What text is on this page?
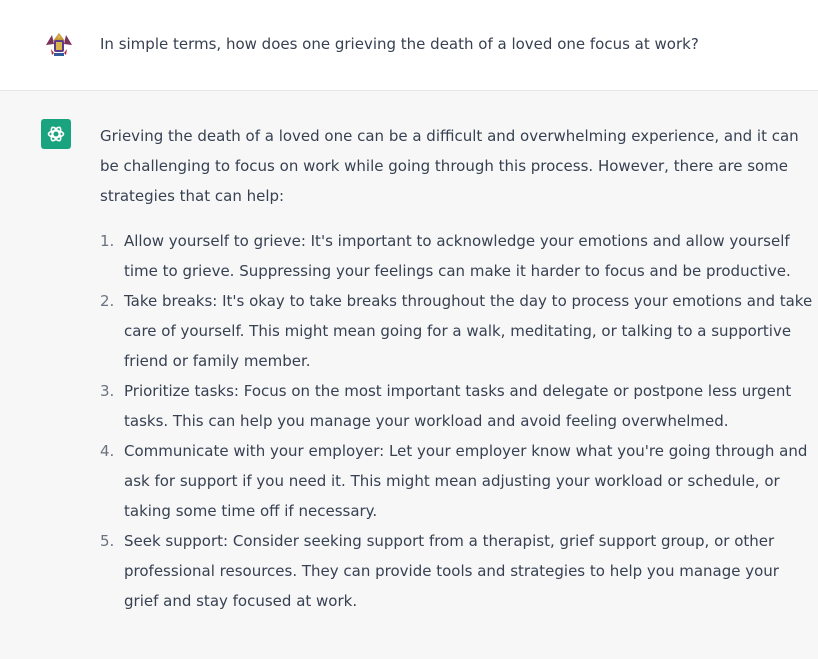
In simple terms, how does one grieving the death of a loved one focus at work?

Grieving the death of a loved one can be a difficult and overwhelming experience, and it can be challenging to focus on work while going through this process. However, there are some strategies that can help:

1. Allow yourself to grieve: It's important to acknowledge your emotions and allow yourself time to grieve. Suppressing your feelings can make it harder to focus and be productive.
2. Take breaks: It's okay to take breaks throughout the day to process your emotions and take care of yourself. This might mean going for a walk, meditating, or talking to a supportive friend or family member.
3. Prioritize tasks: Focus on the most important tasks and delegate or postpone less urgent tasks. This can help you manage your workload and avoid feeling overwhelmed.
4. Communicate with your employer: Let your employer know what you're going through and ask for support if you need it. This might mean adjusting your workload or schedule, or taking some time off if necessary.
5. Seek support: Consider seeking support from a therapist, grief support group, or other professional resources. They can provide tools and strategies to help you manage your grief and stay focused at work.
